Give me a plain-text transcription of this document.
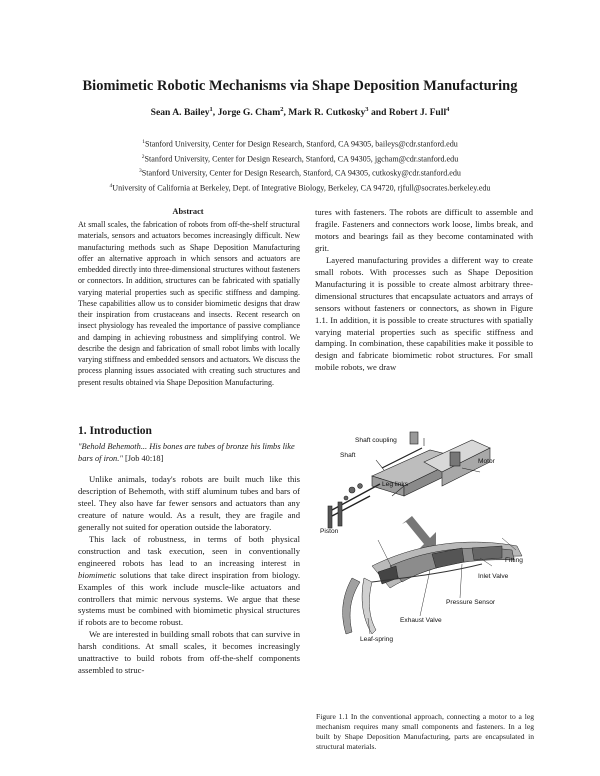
Biomimetic Robotic Mechanisms via Shape Deposition Manufacturing
Sean A. Bailey$^1$, Jorge G. Cham$^2$, Mark R. Cutkosky$^3$ and Robert J. Full$^4$
$^1$Stanford University, Center for Design Research, Stanford, CA 94305, baileys@cdr.stanford.edu
$^2$Stanford University, Center for Design Research, Stanford, CA 94305, jgcham@cdr.stanford.edu
$^3$Stanford University, Center for Design Research, Stanford, CA 94305, cutkosky@cdr.stanford.edu
$^4$University of California at Berkeley, Dept. of Integrative Biology, Berkeley, CA 94720, rjfull@socrates.berkeley.edu
Abstract

At small scales, the fabrication of robots from off-the-shelf structural materials, sensors and actuators becomes increasingly difficult. New manufacturing methods such as Shape Deposition Manufacturing offer an alternative approach in which sensors and actuators are embedded directly into three-dimensional structures without fasteners or connectors. In addition, structures can be fabricated with spatially varying material properties such as specific stiffness and damping. These capabilities allow us to consider biomimetic designs that draw their inspiration from crustaceans and insects. Recent research on insect physiology has revealed the importance of passive compliance and damping in achieving robustness and simplifying control. We describe the design and fabrication of small robot limbs with locally varying stiffness and embedded sensors and actuators. We discuss the process planning issues associated with creating such structures and present results obtained via Shape Deposition Manufacturing.

1. Introduction
"Behold Behemoth... His bones are tubes of bronze his limbs like bars of iron." [Job 40:18]

Unlike animals, today's robots are built much like this description of Behemoth, with stiff aluminum tubes and bars of steel. They also have far fewer sensors and actuators than any creature of nature would. As a result, they are fragile and generally not suited for operation outside the laboratory.

This lack of robustness, in terms of both physical construction and task execution, seen in conventionally engineered robots has lead to an increasing interest in biomimetic solutions that take direct inspiration from biology. Examples of this work include muscle-like actuators and controllers that mimic nervous systems. We argue that these systems must be combined with biomimetic physical structures if robots are to become robust.

We are interested in building small robots that can survive in harsh conditions. At small scales, it becomes increasingly unattractive to build robots from off-the-shelf components assembled to struc-

tures with fasteners. The robots are difficult to assemble and fragile. Fasteners and connectors work loose, limbs break, and motors and bearings fail as they become contaminated with grit.

Layered manufacturing provides a different way to create small robots. With processes such as Shape Deposition Manufacturing it is possible to create almost arbitrary three-dimensional structures that encapsulate actuators and arrays of sensors without fasteners or connectors, as shown in Figure 1.1. In addition, it is possible to create structures with spatially varying material properties such as specific stiffness and damping. In combination, these capabilities make it possible to design and fabricate biomimetic robot structures. For small mobile robots, we draw

Shaft coupling
Shaft
Motor
Leg links
Piston
Fitting
Inlet Valve
Pressure Sensor
Exhaust Valve
Leaf-spring
Figure 1.1 In the conventional approach, connecting a motor to a leg mechanism requires many small components and fasteners. In a leg built by Shape Deposition Manufacturing, parts are encapsulated in structural materials.
